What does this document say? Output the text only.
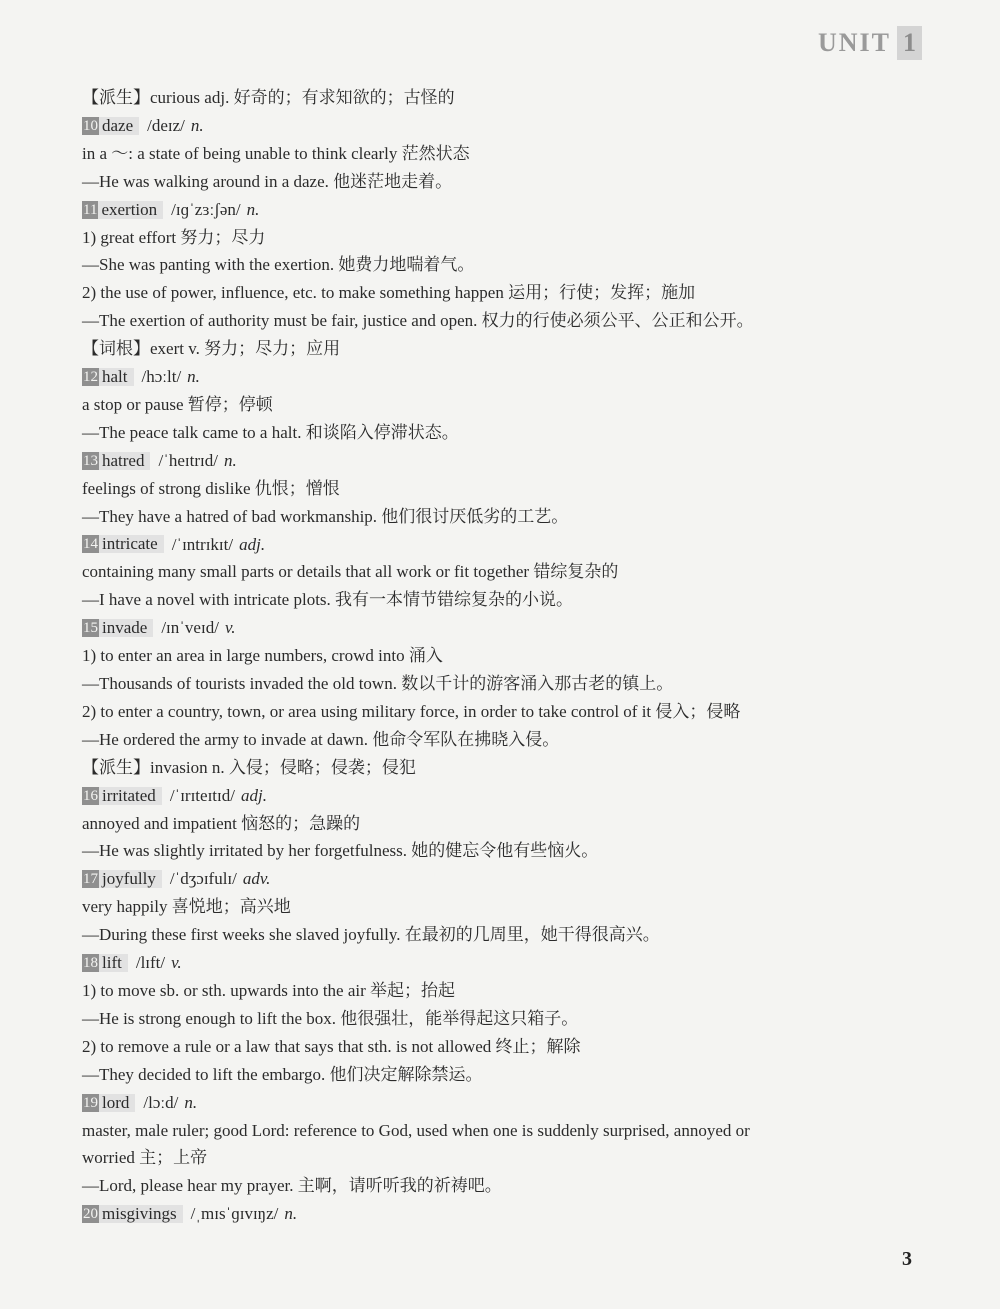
UNIT 1
【派生】curious adj. 好奇的；有求知欲的；古怪的
10 daze /deɪz/ n.
in a ～: a state of being unable to think clearly 茫然状态
—He was walking around in a daze. 他迷茫地走着。
11 exertion /ɪɡˈzɜːʃən/ n.
1) great effort 努力；尽力
—She was panting with the exertion. 她费力地喘着气。
2) the use of power, influence, etc. to make something happen 运用；行使；发挥；施加
—The exertion of authority must be fair, justice and open. 权力的行使必须公平、公正和公开。
【词根】exert v. 努力；尽力；应用
12 halt /hɔːlt/ n.
a stop or pause 暂停；停顿
—The peace talk came to a halt. 和谈陷入停滞状态。
13 hatred /ˈheɪtrɪd/ n.
feelings of strong dislike 仇恨；憎恨
—They have a hatred of bad workmanship. 他们很讨厌低劣的工艺。
14 intricate /ˈɪntrɪkɪt/ adj.
containing many small parts or details that all work or fit together 错综复杂的
—I have a novel with intricate plots. 我有一本情节错综复杂的小说。
15 invade /ɪnˈveɪd/ v.
1) to enter an area in large numbers, crowd into 涌入
—Thousands of tourists invaded the old town. 数以千计的游客涌入那古老的镇上。
2) to enter a country, town, or area using military force, in order to take control of it 侵入；侵略
—He ordered the army to invade at dawn. 他命令军队在拂晓入侵。
【派生】invasion n. 入侵；侵略；侵袭；侵犯
16 irritated /ˈɪrɪteɪtɪd/ adj.
annoyed and impatient 恼怒的；急躁的
—He was slightly irritated by her forgetfulness. 她的健忘令他有些恼火。
17 joyfully /ˈdʒɔɪfulɪ/ adv.
very happily 喜悦地；高兴地
—During these first weeks she slaved joyfully. 在最初的几周里，她干得很高兴。
18 lift /lɪft/ v.
1) to move sb. or sth. upwards into the air 举起；抬起
—He is strong enough to lift the box. 他很强壮，能举得起这只箱子。
2) to remove a rule or a law that says that sth. is not allowed 终止；解除
—They decided to lift the embargo. 他们决定解除禁运。
19 lord /lɔːd/ n.
master, male ruler; good Lord: reference to God, used when one is suddenly surprised, annoyed or
worried 主；上帝
—Lord, please hear my prayer. 主啊，请听听我的祈祷吧。
20 misgivings /ˌmɪsˈɡɪvɪŋz/ n.
3
